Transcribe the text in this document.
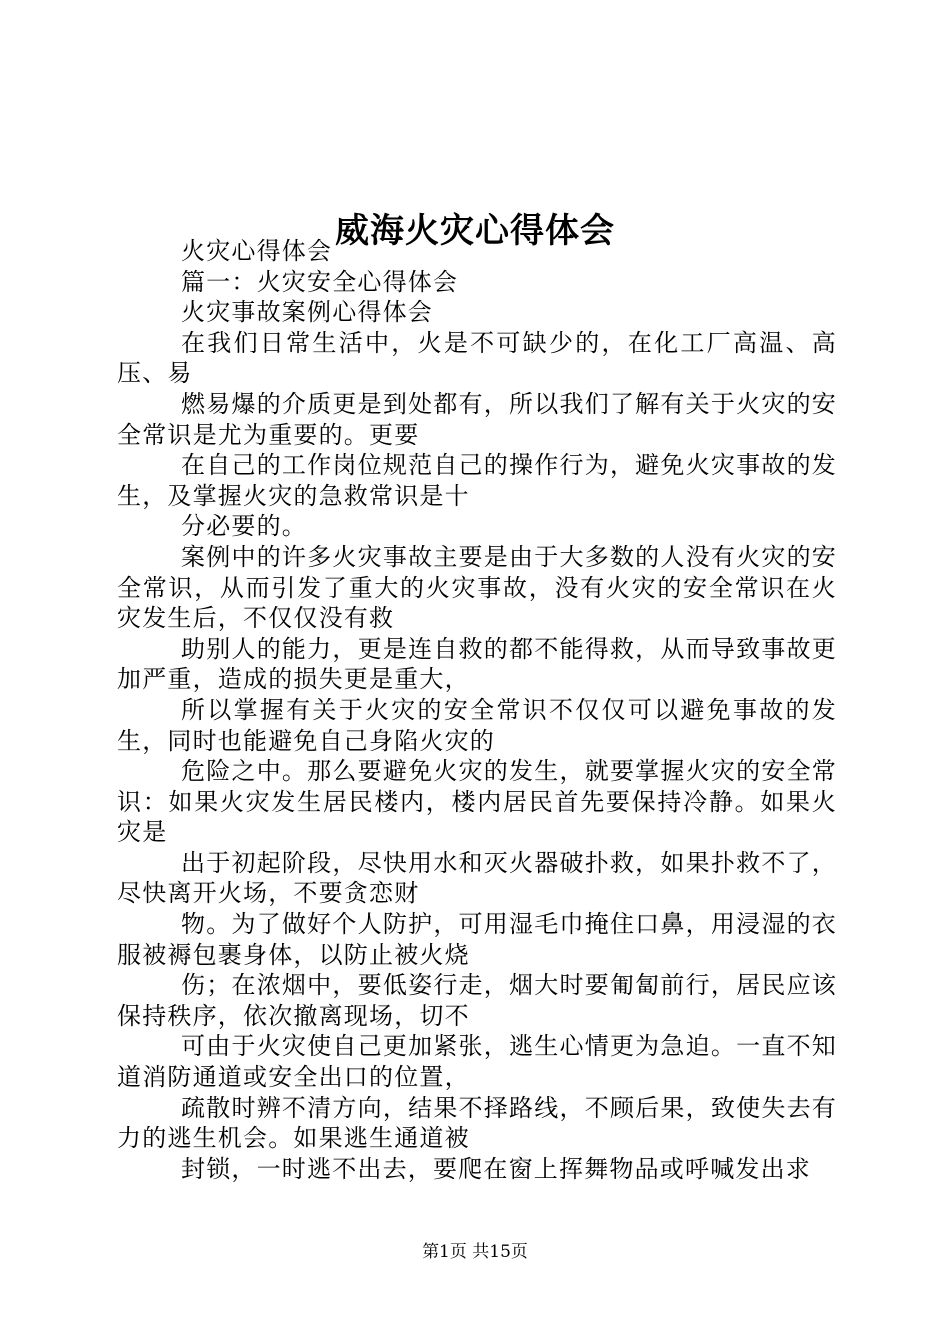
威海火灾心得体会

火灾心得体会

篇一：火灾安全心得体会

火灾事故案例心得体会

在我们日常生活中，火是不可缺少的，在化工厂高温、高压、易

燃易爆的介质更是到处都有，所以我们了解有关于火灾的安全常识是尤为重要的。更要

在自己的工作岗位规范自己的操作行为，避免火灾事故的发生，及掌握火灾的急救常识是十

分必要的。

案例中的许多火灾事故主要是由于大多数的人没有火灾的安全常识，从而引发了重大的火灾事故，没有火灾的安全常识在火灾发生后，不仅仅没有救

助别人的能力，更是连自救的都不能得救，从而导致事故更加严重，造成的损失更是重大，

所以掌握有关于火灾的安全常识不仅仅可以避免事故的发生，同时也能避免自己身陷火灾的

危险之中。那么要避免火灾的发生，就要掌握火灾的安全常识：如果火灾发生居民楼内，楼内居民首先要保持冷静。如果火灾是

出于初起阶段，尽快用水和灭火器破扑救，如果扑救不了，尽快离开火场，不要贪恋财

物。为了做好个人防护，可用湿毛巾掩住口鼻，用浸湿的衣服被褥包裹身体，以防止被火烧

伤；在浓烟中，要低姿行走，烟大时要匍匐前行，居民应该保持秩序，依次撤离现场，切不

可由于火灾使自己更加紧张，逃生心情更为急迫。一直不知道消防通道或安全出口的位置，

疏散时辨不清方向，结果不择路线，不顾后果，致使失去有力的逃生机会。如果逃生通道被

封锁，一时逃不出去，要爬在窗上挥舞物品或呼喊发出求

第1页 共15页
